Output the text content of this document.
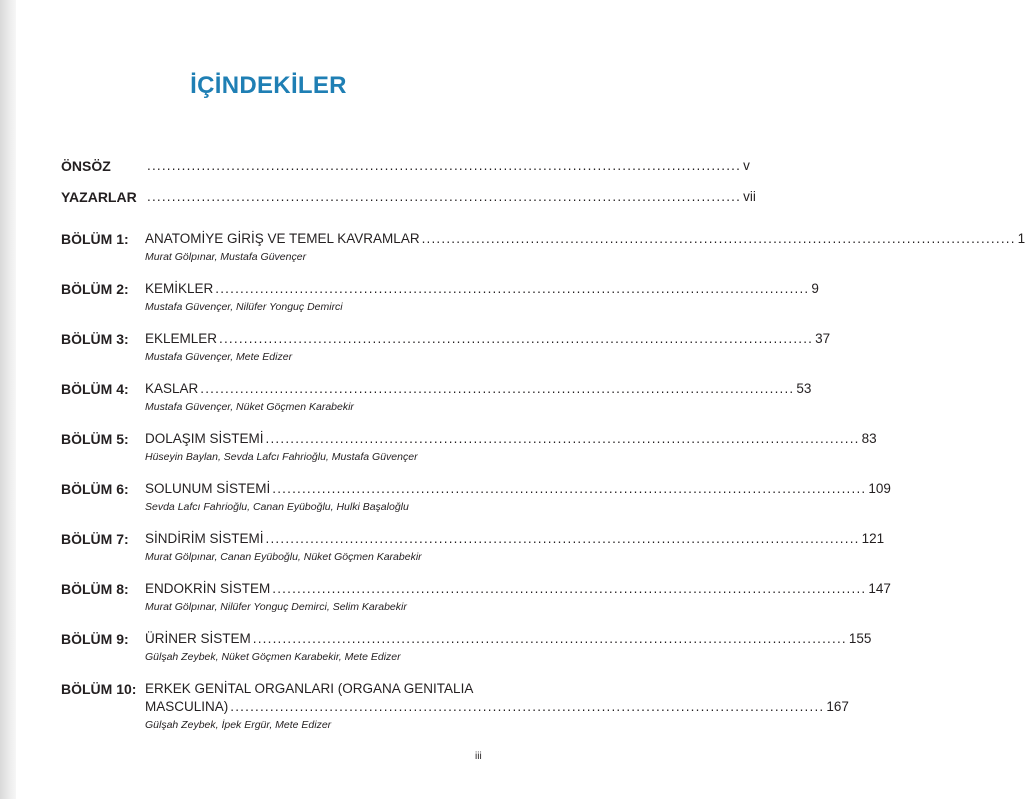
İÇİNDEKİLER
ÖNSÖZ	........................................................................................................................ v
YAZARLAR ........................................................................................................................ vii
BÖLÜM 1: ANATOMİYE GİRİŞ VE TEMEL KAVRAMLAR ........................................................................................................................ 1
Murat Gölpınar, Mustafa Güvençer
BÖLÜM 2: KEMİKLER ........................................................................................................................ 9
Mustafa Güvençer, Nilüfer Yonguç Demirci
BÖLÜM 3: EKLEMLER ........................................................................................................................ 37
Mustafa Güvençer, Mete Edizer
BÖLÜM 4: KASLAR ........................................................................................................................ 53
Mustafa Güvençer, Nüket Göçmen Karabekir
BÖLÜM 5: DOLAŞIM SİSTEMİ ........................................................................................................................ 83
Hüseyin Baylan, Sevda Lafcı Fahrioğlu, Mustafa Güvençer
BÖLÜM 6: SOLUNUM SİSTEMİ ........................................................................................................................ 109
Sevda Lafcı Fahrioğlu, Canan Eyüboğlu, Hulki Başaloğlu
BÖLÜM 7: SİNDİRİM SİSTEMİ ........................................................................................................................ 121
Murat Gölpınar, Canan Eyüboğlu, Nüket Göçmen Karabekir
BÖLÜM 8: ENDOKRİN SİSTEM ........................................................................................................................ 147
Murat Gölpınar, Nilüfer Yonguç Demirci, Selim Karabekir
BÖLÜM 9: ÜRİNER SİSTEM ........................................................................................................................ 155
Gülşah Zeybek, Nüket Göçmen Karabekir, Mete Edizer
BÖLÜM 10: ERKEK GENİTAL ORGANLARI (ORGANA GENITALIA
MASCULINA) ........................................................................................................................ 167
Gülşah Zeybek, İpek Ergür, Mete Edizer
iii
